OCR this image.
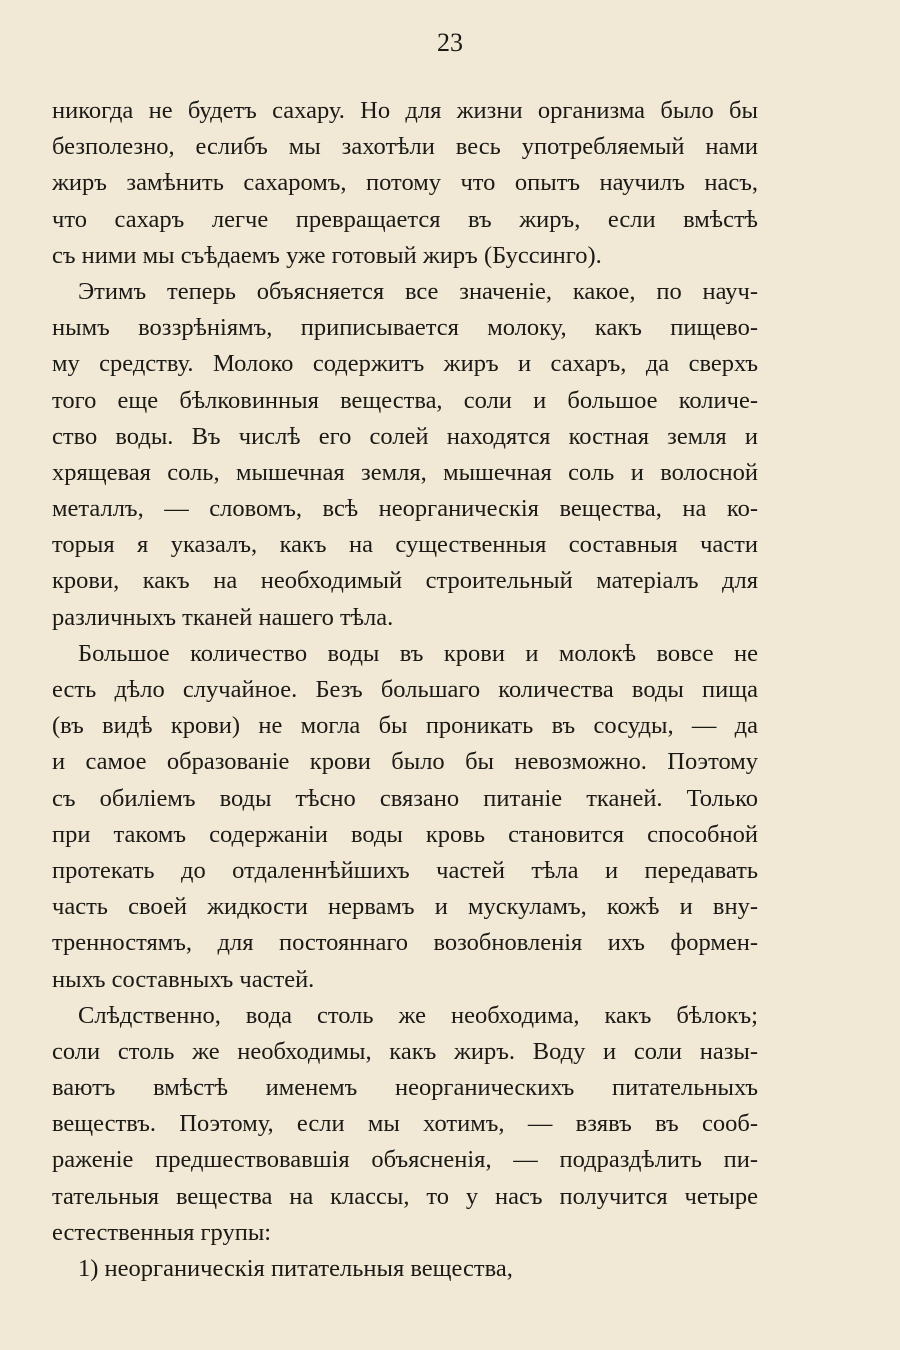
23
никогда не будетъ сахару. Но для жизни организма было бы
безполезно, еслибъ мы захотѣли весь употребляемый нами
жиръ замѣнить сахаромъ, потому что опытъ научилъ насъ,
что сахаръ легче превращается въ жиръ, если вмѣстѣ
съ ними мы съѣдаемъ уже готовый жиръ (Буссинго).
Этимъ теперь объясняется все значенiе, какое, по науч-
нымъ воззрѣнiямъ, приписывается молоку, какъ пищево-
му средству. Молоко содержитъ жиръ и сахаръ, да сверхъ
того еще бѣлковинныя вещества, соли и большое количе-
ство воды. Въ числѣ его солей находятся костная земля и
хрящевая соль, мышечная земля, мышечная соль и волосной
металлъ, — словомъ, всѣ неорганическiя вещества, на ко-
торыя я указалъ, какъ на существенныя составныя части
крови, какъ на необходимый строительный матерiалъ для
различныхъ тканей нашего тѣла.
Большое количество воды въ крови и молокѣ вовсе не
есть дѣло случайное. Безъ большаго количества воды пища
(въ видѣ крови) не могла бы проникать въ сосуды, — да
и самое образованiе крови было бы невозможно. Поэтому
съ обилiемъ воды тѣсно связано питанiе тканей. Только
при такомъ содержанiи воды кровь становится способной
протекать до отдаленнѣйшихъ частей тѣла и передавать
часть своей жидкости нервамъ и мускуламъ, кожѣ и вну-
тренностямъ, для постояннаго возобновленiя ихъ формен-
ныхъ составныхъ частей.
Слѣдственно, вода столь же необходима, какъ бѣлокъ;
соли столь же необходимы, какъ жиръ. Воду и соли назы-
ваютъ вмѣстѣ именемъ неорганическихъ питательныхъ
веществъ. Поэтому, если мы хотимъ, — взявъ въ сооб-
раженiе предшествовавшiя объясненiя, — подраздѣлить пи-
тательныя вещества на классы, то у насъ получится четыре
естественныя групы:
1) неорганическiя питательныя вещества,
